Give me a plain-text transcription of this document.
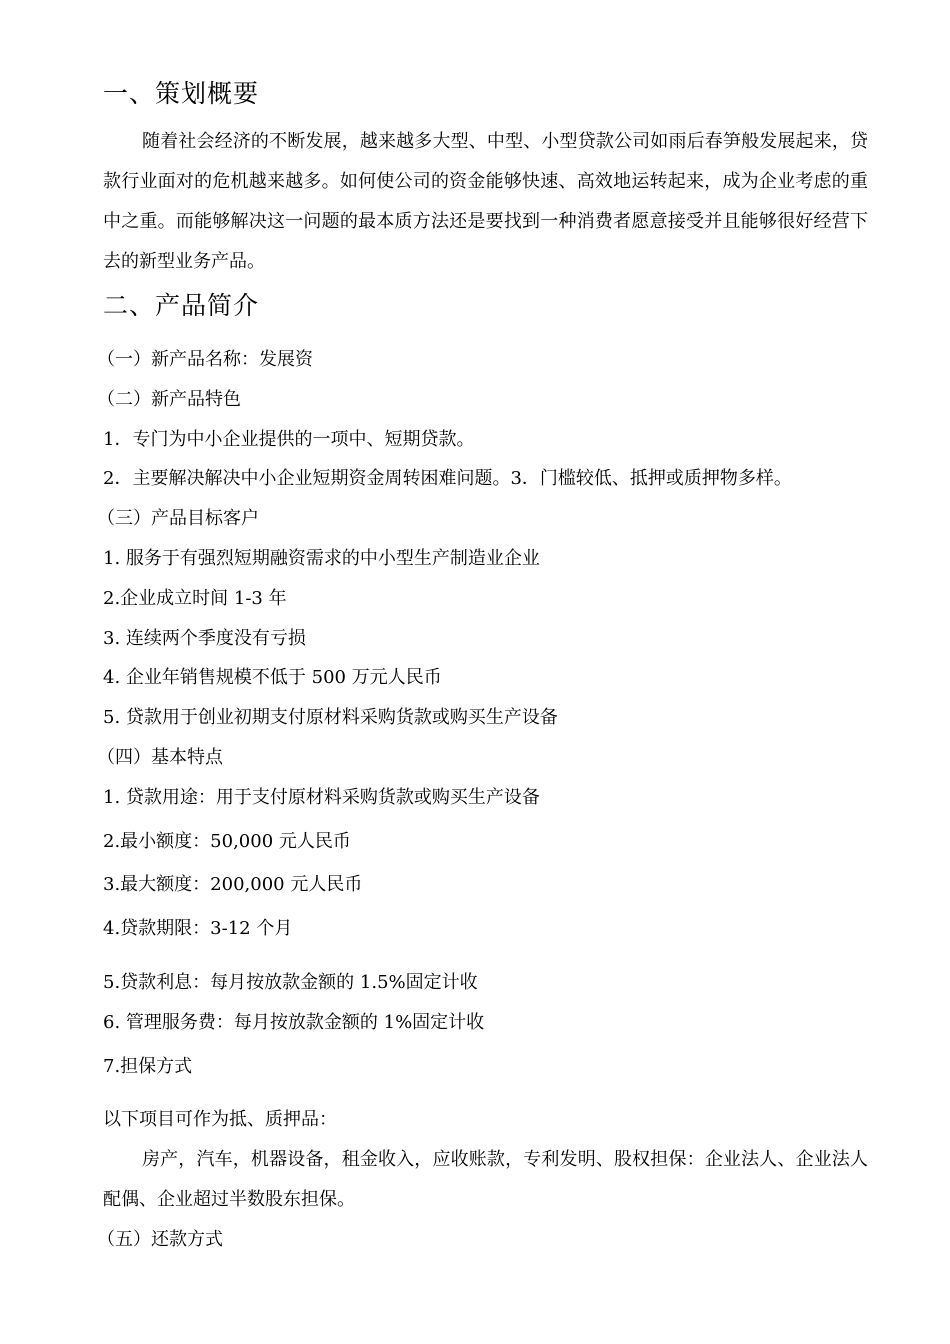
一、策划概要

随着社会经济的不断发展，越来越多大型、中型、小型贷款公司如雨后春笋般发展起来，贷款行业面对的危机越来越多。如何使公司的资金能够快速、高效地运转起来，成为企业考虑的重中之重。而能够解决这一问题的最本质方法还是要找到一种消费者愿意接受并且能够很好经营下去的新型业务产品。

二、产品简介

（一）新产品名称：发展资

（二）新产品特色

1．专门为中小企业提供的一项中、短期贷款。

2．主要解决解决中小企业短期资金周转困难问题。3．门槛较低、抵押或质押物多样。

（三）产品目标客户

1. 服务于有强烈短期融资需求的中小型生产制造业企业

2.企业成立时间 1-3 年

3. 连续两个季度没有亏损

4. 企业年销售规模不低于 500 万元人民币

5. 贷款用于创业初期支付原材料采购货款或购买生产设备

（四）基本特点

1. 贷款用途：用于支付原材料采购货款或购买生产设备

2.最小额度：50,000 元人民币

3.最大额度：200,000 元人民币

4.贷款期限：3-12 个月

5.贷款利息：每月按放款金额的 1.5%固定计收

6. 管理服务费：每月按放款金额的 1%固定计收

7.担保方式

以下项目可作为抵、质押品：

房产，汽车，机器设备，租金收入，应收账款，专利发明、股权担保：企业法人、企业法人配偶、企业超过半数股东担保。

（五）还款方式
